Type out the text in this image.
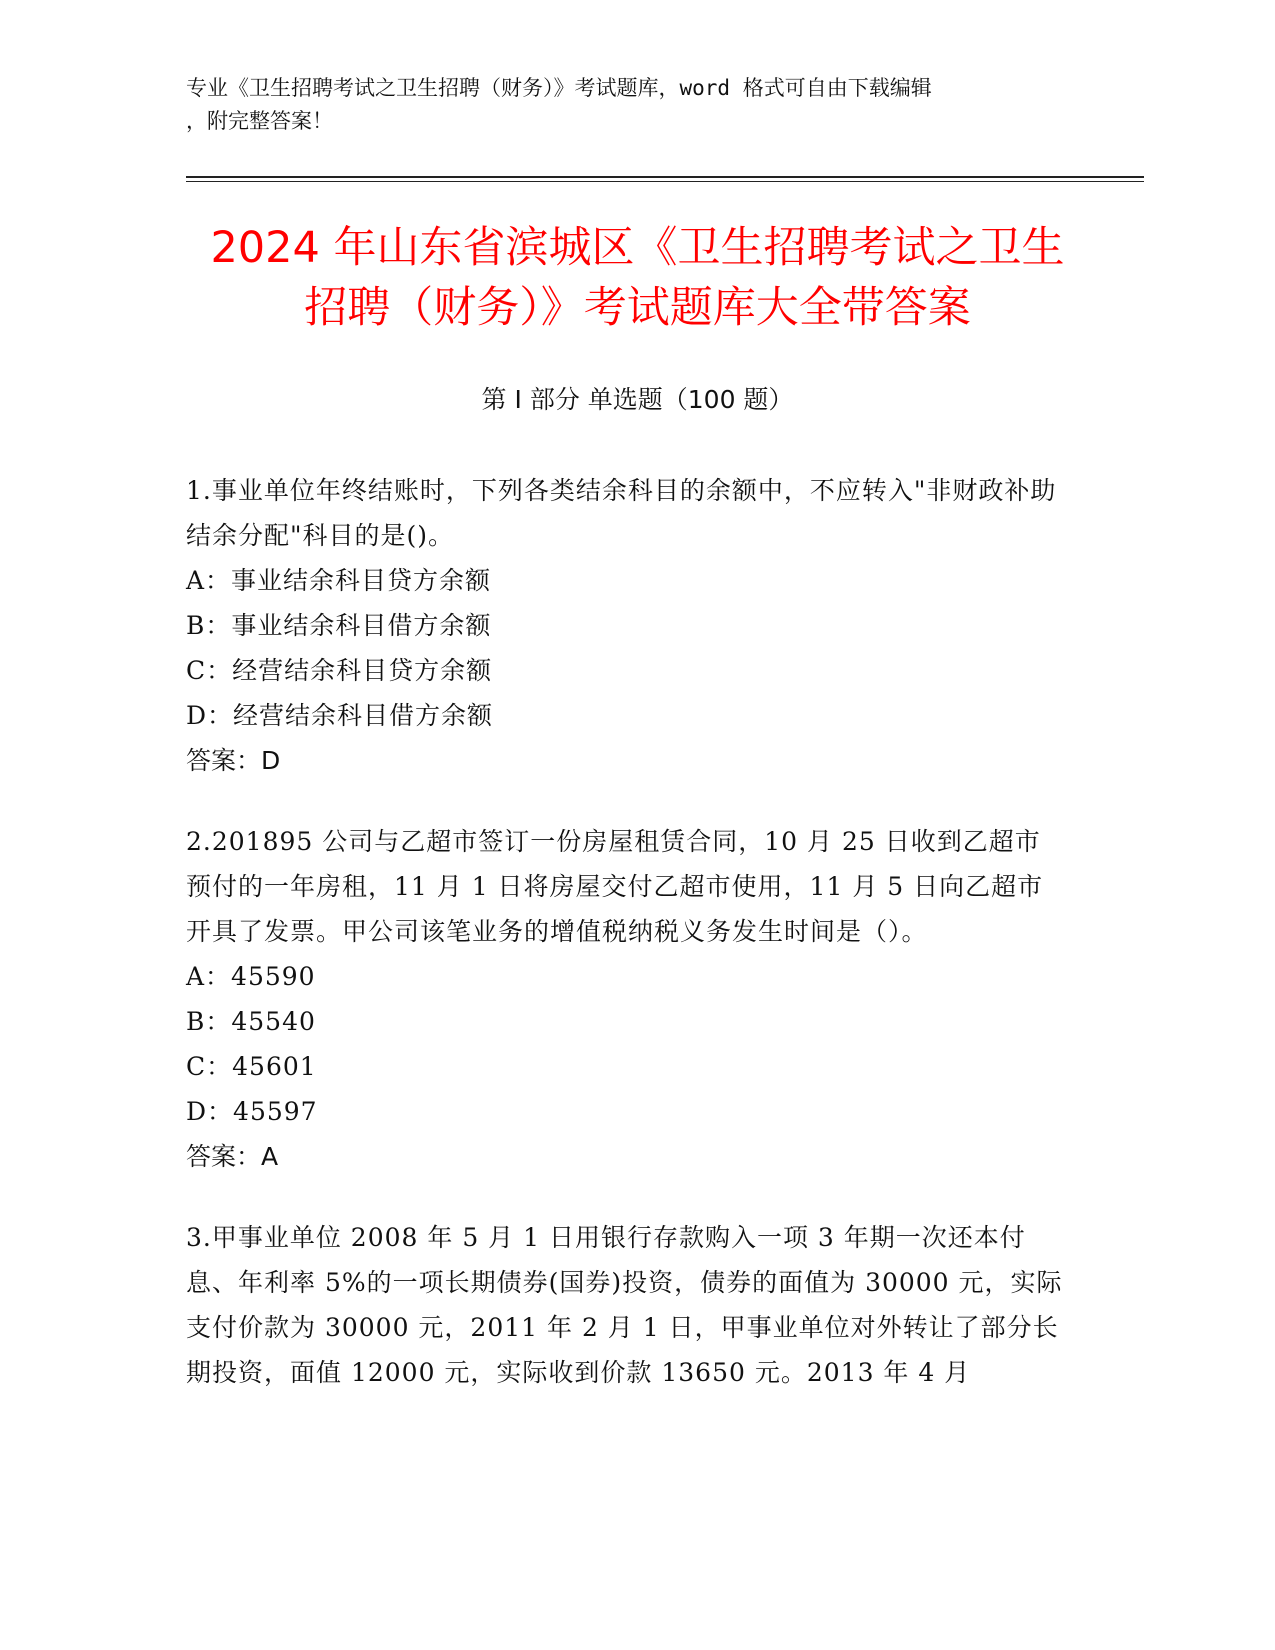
专业《卫生招聘考试之卫生招聘（财务）》考试题库，word 格式可自由下载编辑
，附完整答案！
2024 年山东省滨城区《卫生招聘考试之卫生
招聘（财务）》考试题库大全带答案
第 I 部分 单选题（100 题）
1.事业单位年终结账时，下列各类结余科目的余额中，不应转入"非财政补助结余分配"科目的是()。
A：事业结余科目贷方余额
B：事业结余科目借方余额
C：经营结余科目贷方余额
D：经营结余科目借方余额
答案：D
2.201895 公司与乙超市签订一份房屋租赁合同，10 月 25 日收到乙超市预付的一年房租，11 月 1 日将房屋交付乙超市使用，11 月 5 日向乙超市开具了发票。甲公司该笔业务的增值税纳税义务发生时间是（）。
A：45590
B：45540
C：45601
D：45597
答案：A
3.甲事业单位 2008 年 5 月 1 日用银行存款购入一项 3 年期一次还本付息、年利率 5%的一项长期债券(国券)投资，债券的面值为 30000 元，实际支付价款为 30000 元，2011 年 2 月 1 日，甲事业单位对外转让了部分长期投资，面值 12000 元，实际收到价款 13650 元。2013 年 4 月
